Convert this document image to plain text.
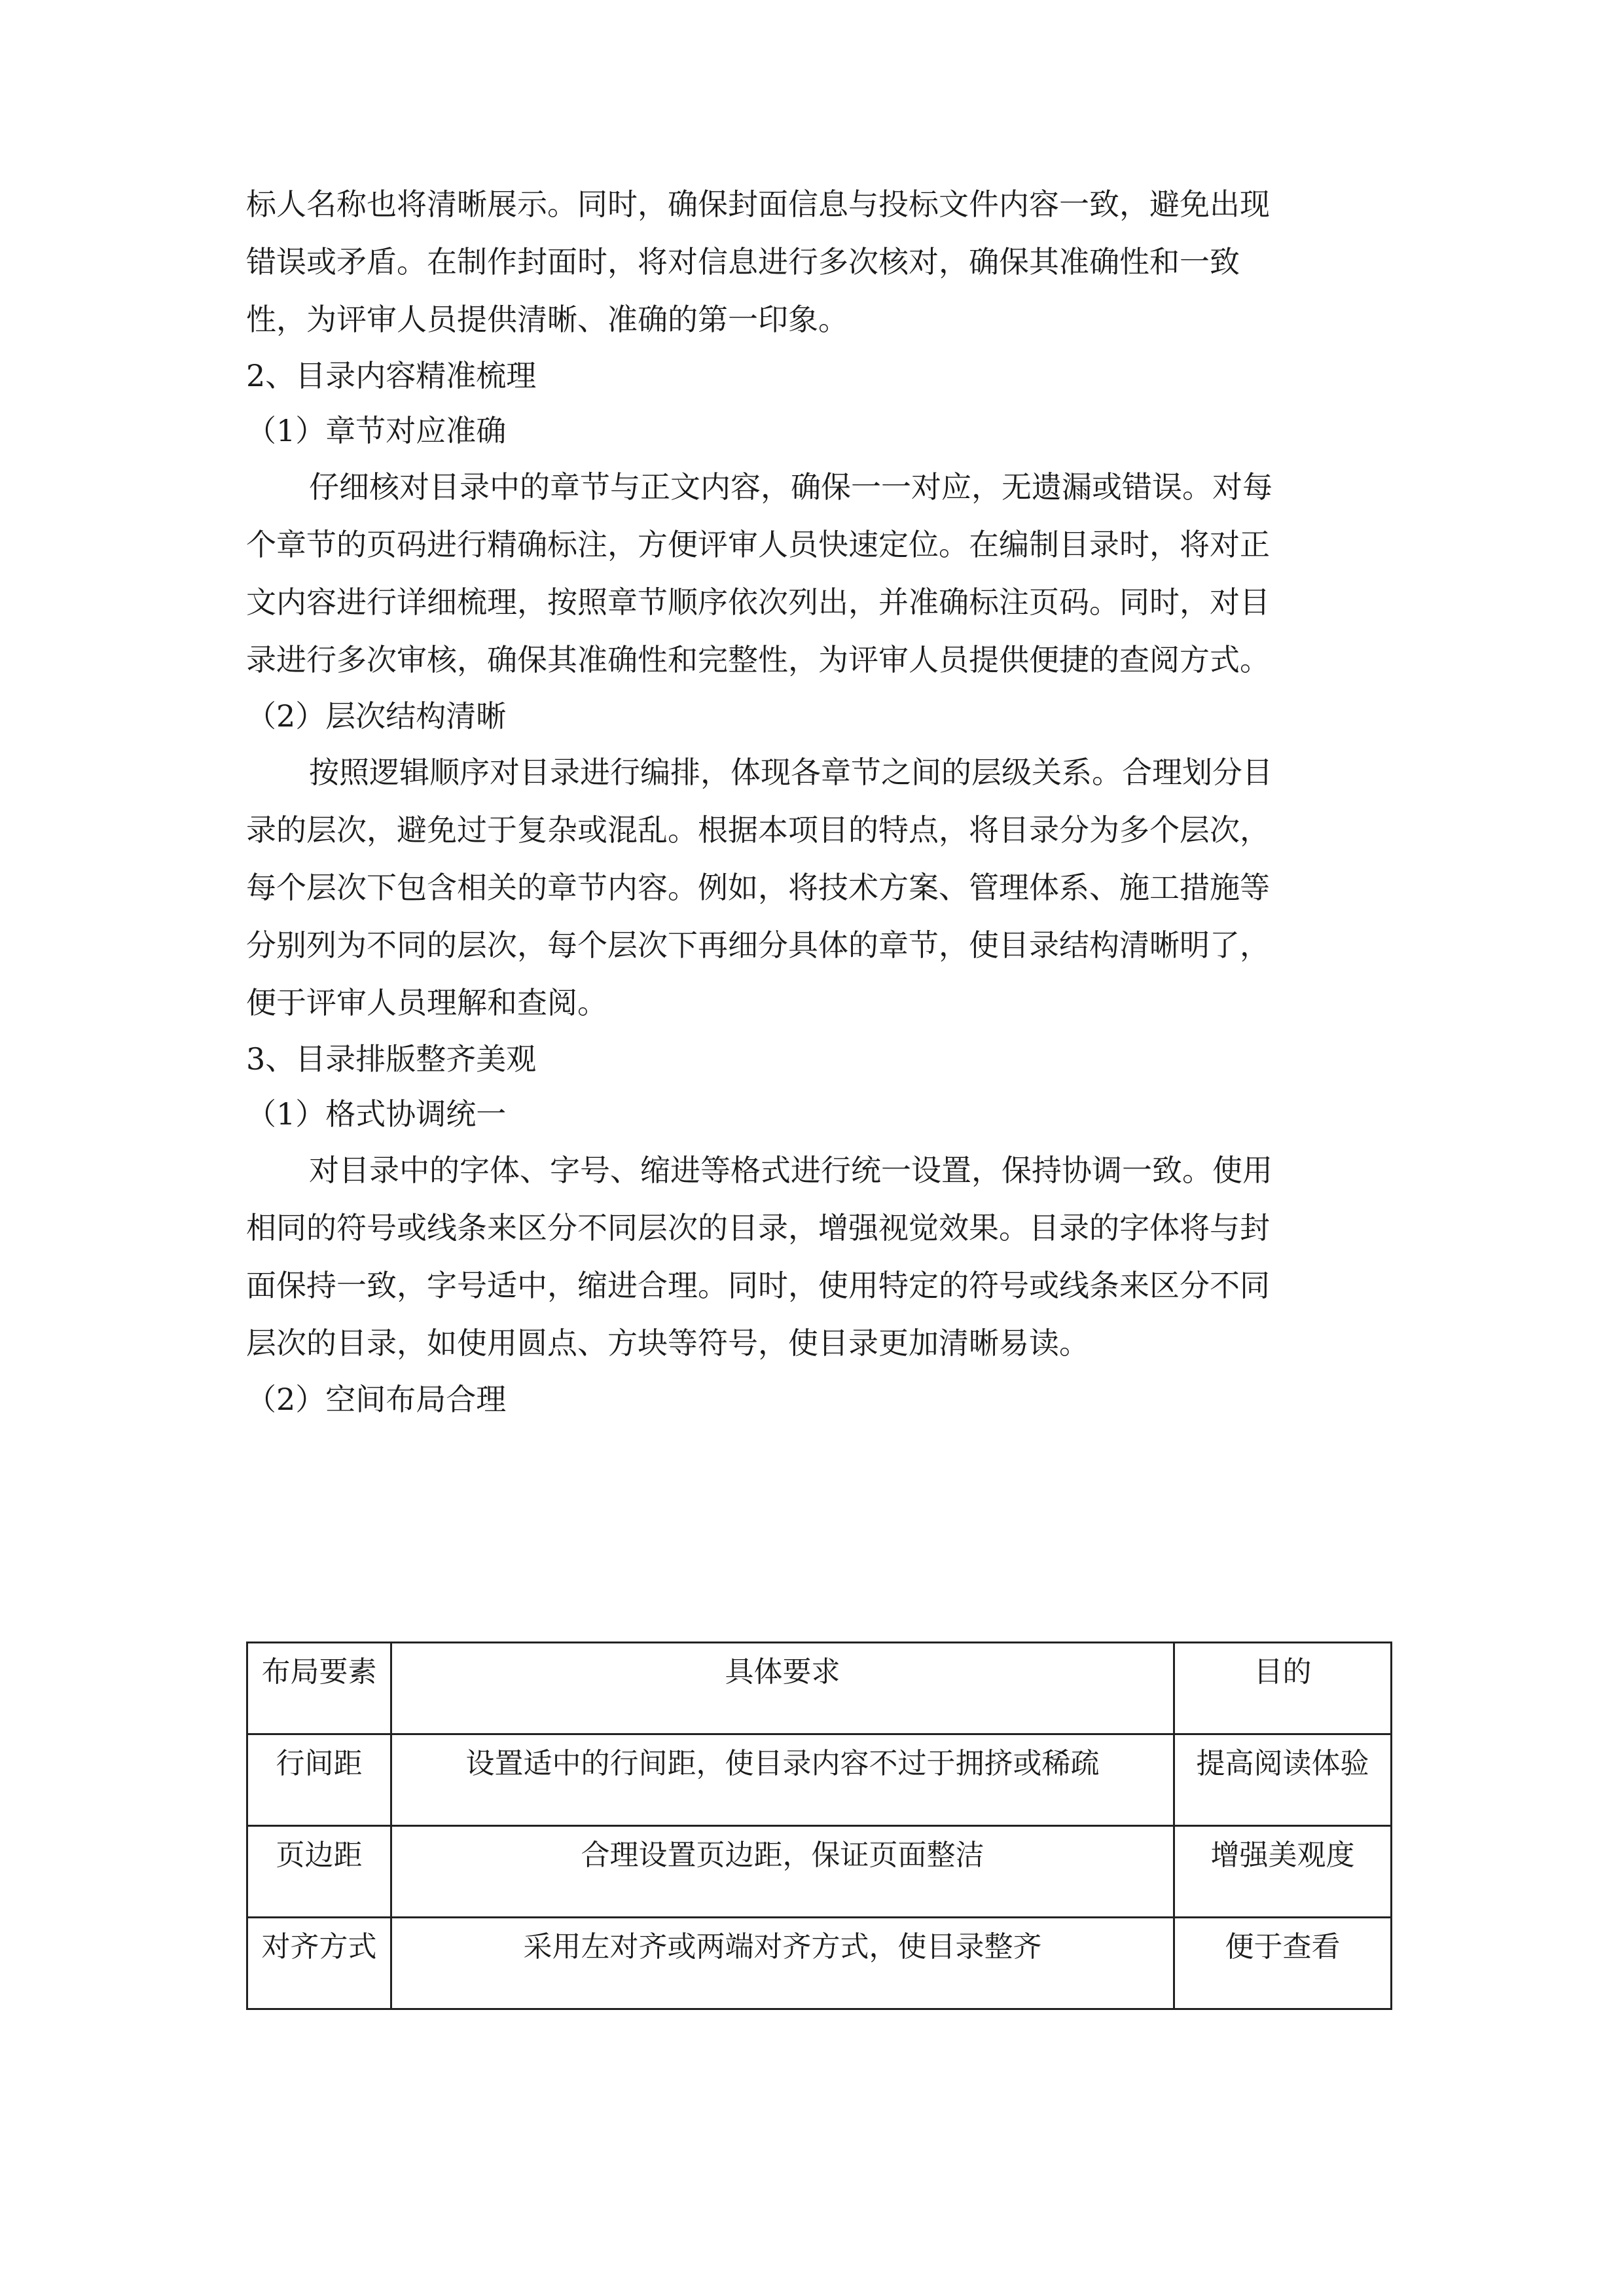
标人名称也将清晰展示。同时，确保封面信息与投标文件内容一致，避免出现

错误或矛盾。在制作封面时，将对信息进行多次核对，确保其准确性和一致

性，为评审人员提供清晰、准确的第一印象。

2、目录内容精准梳理

（1）章节对应准确

仔细核对目录中的章节与正文内容，确保一一对应，无遗漏或错误。对每

个章节的页码进行精确标注，方便评审人员快速定位。在编制目录时，将对正

文内容进行详细梳理，按照章节顺序依次列出，并准确标注页码。同时，对目

录进行多次审核，确保其准确性和完整性，为评审人员提供便捷的查阅方式。

（2）层次结构清晰

按照逻辑顺序对目录进行编排，体现各章节之间的层级关系。合理划分目

录的层次，避免过于复杂或混乱。根据本项目的特点，将目录分为多个层次，

每个层次下包含相关的章节内容。例如，将技术方案、管理体系、施工措施等

分别列为不同的层次，每个层次下再细分具体的章节，使目录结构清晰明了，

便于评审人员理解和查阅。

3、目录排版整齐美观

（1）格式协调统一

对目录中的字体、字号、缩进等格式进行统一设置，保持协调一致。使用

相同的符号或线条来区分不同层次的目录，增强视觉效果。目录的字体将与封

面保持一致，字号适中，缩进合理。同时，使用特定的符号或线条来区分不同

层次的目录，如使用圆点、方块等符号，使目录更加清晰易读。

（2）空间布局合理

布局要素	具体要求	目的
行间距	设置适中的行间距，使目录内容不过于拥挤或稀疏	提高阅读体验
页边距	合理设置页边距，保证页面整洁	增强美观度
对齐方式	采用左对齐或两端对齐方式，使目录整齐	便于查看
